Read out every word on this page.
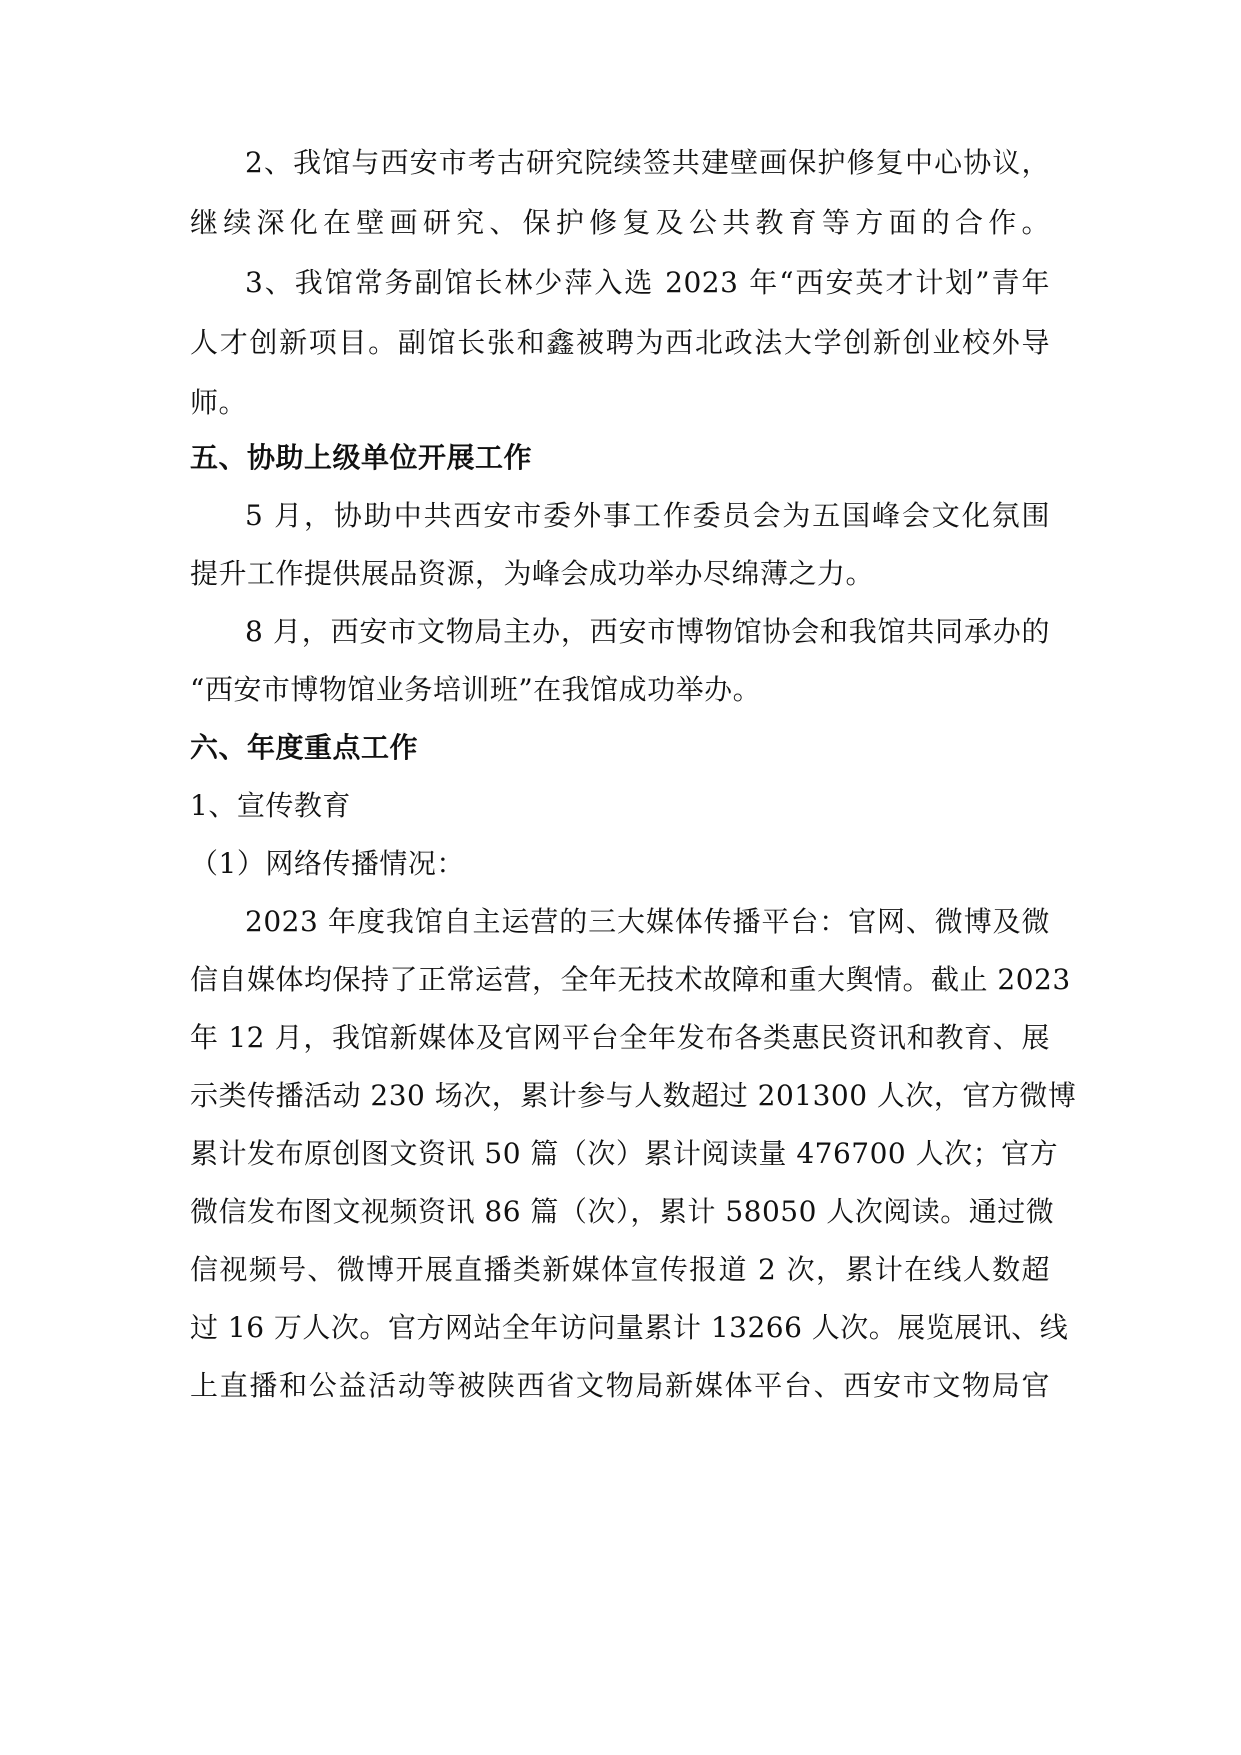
2、我馆与西安市考古研究院续签共建壁画保护修复中心协议，
继续深化在壁画研究、保护修复及公共教育等方面的合作。
3、我馆常务副馆长林少萍入选 2023 年“西安英才计划”青年
人才创新项目。副馆长张和鑫被聘为西北政法大学创新创业校外导
师。
五、协助上级单位开展工作
5 月，协助中共西安市委外事工作委员会为五国峰会文化氛围
提升工作提供展品资源，为峰会成功举办尽绵薄之力。
8 月，西安市文物局主办，西安市博物馆协会和我馆共同承办的
“西安市博物馆业务培训班”在我馆成功举办。
六、年度重点工作
1、宣传教育
（1）网络传播情况：
2023 年度我馆自主运营的三大媒体传播平台：官网、微博及微
信自媒体均保持了正常运营，全年无技术故障和重大舆情。截止 2023
年 12 月，我馆新媒体及官网平台全年发布各类惠民资讯和教育、展
示类传播活动 230 场次，累计参与人数超过 201300 人次，官方微博
累计发布原创图文资讯 50 篇（次）累计阅读量 476700 人次；官方
微信发布图文视频资讯 86 篇（次），累计 58050 人次阅读。通过微
信视频号、微博开展直播类新媒体宣传报道 2 次，累计在线人数超
过 16 万人次。官方网站全年访问量累计 13266 人次。展览展讯、线
上直播和公益活动等被陕西省文物局新媒体平台、西安市文物局官
